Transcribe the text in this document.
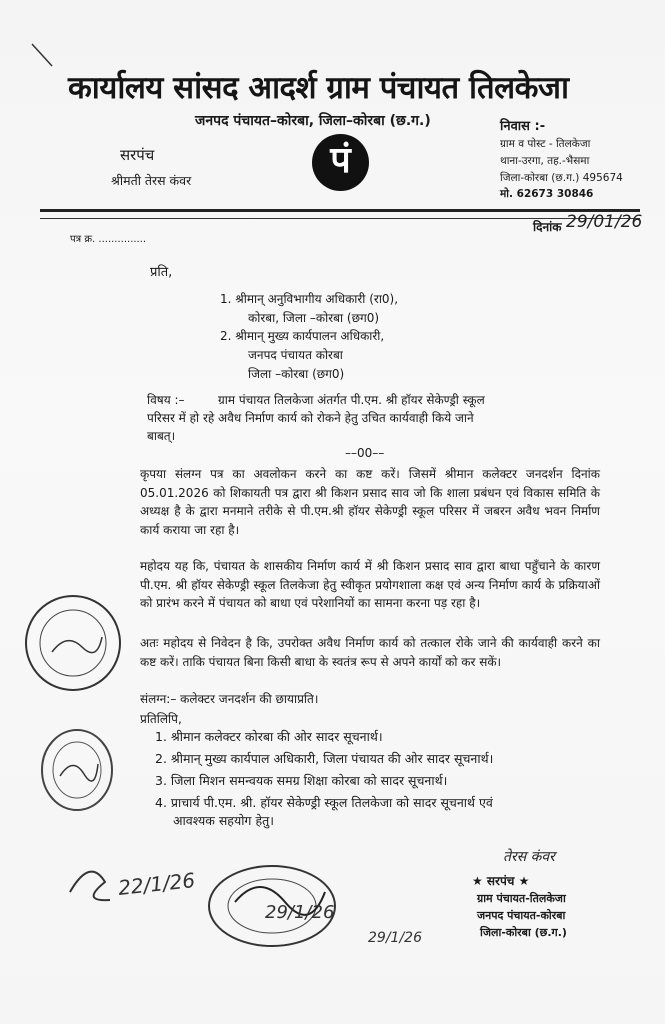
कार्यालय सांसद आदर्श ग्राम पंचायत तिलकेजा
जनपद पंचायत–कोरबा, जिला–कोरबा (छ.ग.)
सरपंच
श्रीमती तेरस कंवर	पं
निवास :-
ग्राम व पोस्ट - तिलकेजा
थाना-उरगा, तह.-भैसमा
जिला-कोरबा (छ.ग.) 495674
मो. 62673 30846
पत्र क्र. ...............
दिनांक 29/01/26
प्रति,
1. श्रीमान् अनुविभागीय अधिकारी (रा0),
कोरबा, जिला –कोरबा (छग0)
2. श्रीमान् मुख्य कार्यपालन अधिकारी,
जनपद पंचायत कोरबा
जिला –कोरबा (छग0)
विषय :–	ग्राम पंचायत तिलकेजा अंतर्गत पी.एम. श्री हॉयर सेकेण्ड्री स्कूल
परिसर में हो रहे अवैध निर्माण कार्य को रोकने हेतु उचित कार्यवाही किये जाने
बाबत्।
––00––
कृपया संलग्न पत्र का अवलोकन करने का कष्ट करें। जिसमें श्रीमान कलेक्टर जनदर्शन दिनांक 05.01.2026 को शिकायती पत्र द्वारा श्री किशन प्रसाद साव जो कि शाला प्रबंधन एवं विकास समिति के अध्यक्ष है के द्वारा मनमाने तरीके से पी.एम.श्री हॉयर सेकेण्ड्री स्कूल परिसर में जबरन अवैध भवन निर्माण कार्य कराया जा रहा है।
महोदय यह कि, पंचायत के शासकीय निर्माण कार्य में श्री किशन प्रसाद साव द्वारा बाधा पहुँचाने के कारण पी.एम. श्री हॉयर सेकेण्ड्री स्कूल तिलकेजा हेतु स्वीकृत प्रयोगशाला कक्ष एवं अन्य निर्माण कार्य के प्रक्रियाओं को प्रारंभ करने में पंचायत को बाधा एवं परेशानियों का सामना करना पड़ रहा है।
अतः महोदय से निवेदन है कि, उपरोक्त अवैध निर्माण कार्य को तत्काल रोके जाने की कार्यवाही करने का कष्ट करें। ताकि पंचायत बिना किसी बाधा के स्वतंत्र रूप से अपने कार्यों को कर सकें।
संलग्न:– कलेक्टर जनदर्शन की छायाप्रति।
प्रतिलिपि,
1. श्रीमान कलेक्टर कोरबा की ओर सादर सूचनार्थ।
2. श्रीमान् मुख्य कार्यपाल अधिकारी, जिला पंचायत की ओर सादर सूचनार्थ।
3. जिला मिशन समन्वयक समग्र शिक्षा कोरबा को सादर सूचनार्थ।
4. प्राचार्य पी.एम. श्री. हॉयर सेकेण्ड्री स्कूल तिलकेजा को सादर सूचनार्थ एवं
आवश्यक सहयोग हेतु।
22/1/26
29/1/26
29/1/26
तेरस कंवर
★ सरपंच ★
ग्राम पंचायत-तिलकेजा
जनपद पंचायत-कोरबा
जिला-कोरबा (छ.ग.)
